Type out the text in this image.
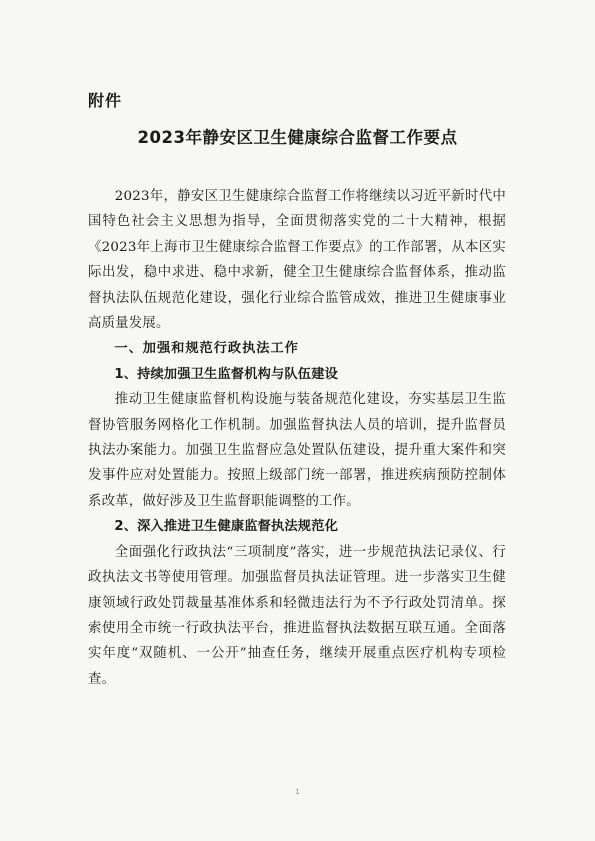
附件
2023年静安区卫生健康综合监督工作要点

2023年，静安区卫生健康综合监督工作将继续以习近平新时代中国特色社会主义思想为指导，全面贯彻落实党的二十大精神，根据《2023年上海市卫生健康综合监督工作要点》的工作部署，从本区实际出发，稳中求进、稳中求新，健全卫生健康综合监督体系，推动监督执法队伍规范化建设，强化行业综合监管成效，推进卫生健康事业高质量发展。

一、加强和规范行政执法工作

1、持续加强卫生监督机构与队伍建设

推动卫生健康监督机构设施与装备规范化建设，夯实基层卫生监督协管服务网格化工作机制。加强监督执法人员的培训，提升监督员执法办案能力。加强卫生监督应急处置队伍建设，提升重大案件和突发事件应对处置能力。按照上级部门统一部署，推进疾病预防控制体系改革，做好涉及卫生监督职能调整的工作。

2、深入推进卫生健康监督执法规范化

全面强化行政执法“三项制度”落实，进一步规范执法记录仪、行政执法文书等使用管理。加强监督员执法证管理。进一步落实卫生健康领域行政处罚裁量基准体系和轻微违法行为不予行政处罚清单。探索使用全市统一行政执法平台，推进监督执法数据互联互通。全面落实年度“双随机、一公开”抽查任务，继续开展重点医疗机构专项检查。

1
